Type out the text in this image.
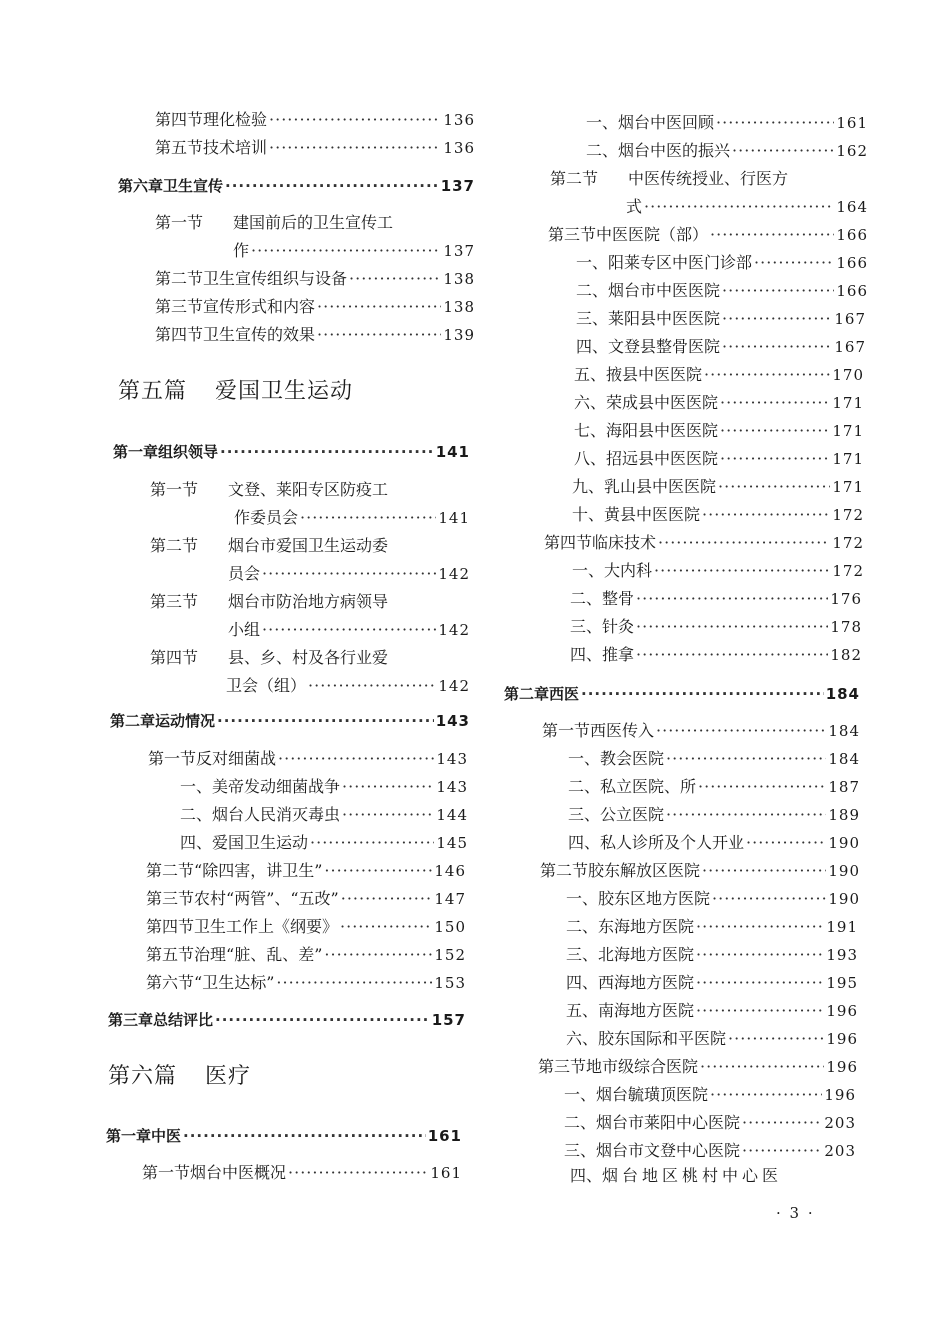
第四节 理化检验 ·····	136
第五节 技术培训 ·····	136
第六章 卫生宣传 ·····	137
第一节	建国前后的卫生宣传工
作 ·····	137
第二节 卫生宣传组织与设备 ·····	138
第三节 宣传形式和内容 ·····	138
第四节 卫生宣传的效果 ·····	139
第五篇 爱国卫生运动
第一章 组织领导 ·····	141
第一节	文登、莱阳专区防疫工
作委员会 ·····	141
第二节	烟台市爱国卫生运动委
员会 ·····	142
第三节	烟台市防治地方病领导
小组 ·····	142
第四节	县、乡、村及各行业爱
卫会（组） ·····	142
第二章 运动情况 ·····	143
第一节 反对细菌战 ·····	143
一、 美帝发动细菌战争 ·····	143
二、 烟台人民消灭毒虫 ·····	144
四、 爱国卫生运动 ·····	145
第二节 “除四害，讲卫生” ·····	146
第三节 农村“两管”、“五改” ·····	147
第四节 卫生工作上《纲要》 ·····	150
第五节 治理“脏、乱、差” ·····	152
第六节 “卫生达标” ·····	153
第三章 总结评比 ·····	157
第六篇 医疗
第一章 中医 ·····	161
第一节 烟台中医概况 ·····	161
一、 烟台中医回顾 ·····	161
二、 烟台中医的振兴 ·····	162
第二节	中医传统授业、行医方
式 ·····	164
第三节 中医医院（部） ·····	166
一、 阳莱专区中医门诊部 ·····	166
二、 烟台市中医医院 ·····	166
三、 莱阳县中医医院 ·····	167
四、 文登县整骨医院 ·····	167
五、 掖县中医医院 ·····	170
六、 荣成县中医医院 ·····	171
七、 海阳县中医医院 ·····	171
八、 招远县中医医院 ·····	171
九、 乳山县中医医院 ·····	171
十、 黄县中医医院 ·····	172
第四节 临床技术 ·····	172
一、 大内科 ·····	172
二、 整骨 ·····	176
三、 针灸 ·····	178
四、 推拿 ·····	182
第二章 西医 ·····	184
第一节 西医传入 ·····	184
一、 教会医院 ·····	184
二、 私立医院、所 ·····	187
三、 公立医院 ·····	189
四、 私人诊所及个人开业 ·····	190
第二节 胶东解放区医院 ·····	190
一、 胶东区地方医院 ·····	190
二、 东海地方医院 ·····	191
三、 北海地方医院 ·····	193
四、 西海地方医院 ·····	195
五、 南海地方医院 ·····	196
六、 胶东国际和平医院 ·····	196
第三节 地市级综合医院 ·····	196
一、 烟台毓璜顶医院 ·····	196
二、 烟台市莱阳中心医院 ·····	203
三、 烟台市文登中心医院 ·····	203
四、 烟台地区桃村中心医
· 3 ·
